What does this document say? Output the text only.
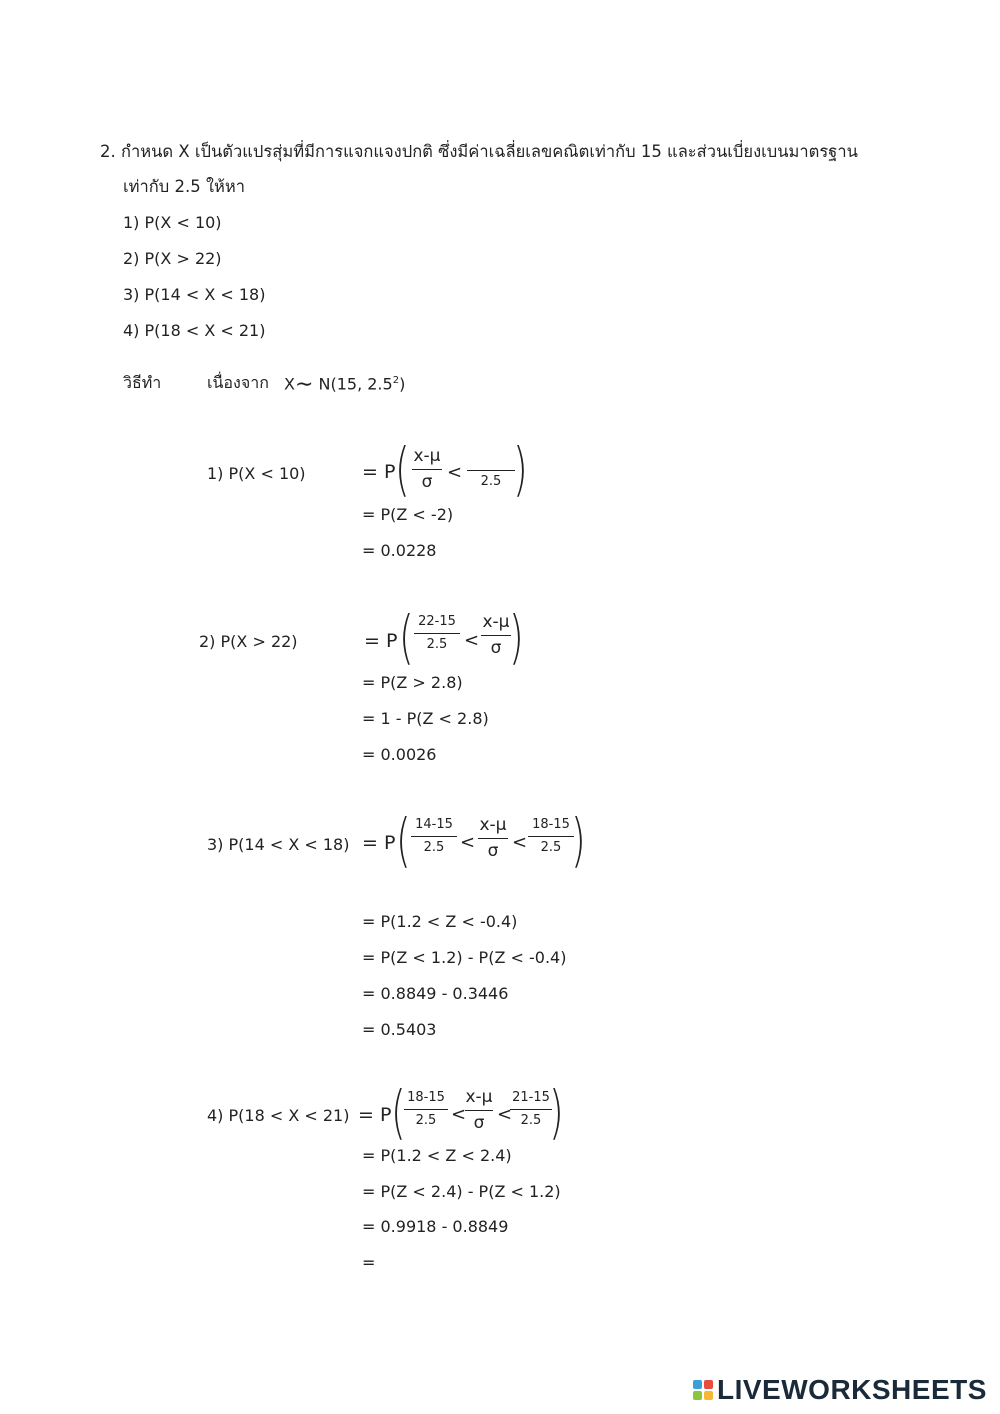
2. กำหนด X เป็นตัวแปรสุ่มที่มีการแจกแจงปกติ ซึ่งมีค่าเฉลี่ยเลขคณิตเท่ากับ 15 และส่วนเบี่ยงเบนมาตรฐาน
เท่ากับ 2.5 ให้หา
1) P(X < 10)
2) P(X > 22)
3) P(14 < X < 18)
4) P(18 < X < 21)
วิธีทำ	เนื่องจาก X∼ N(15, $2.5^2$)
1) P(X < 10)	= P ( x-μ
σ < 2.5 )
= P(Z < -2)
= 0.0228
2) P(X > 22)	= P ( 22-15
2.5 <
x-μ
σ )
= P(Z > 2.8)
= 1 - P(Z < 2.8)
= 0.0026
3) P(14 < X < 18) = P ( 14-15
2.5 <
x-μ
σ <
18-15
2.5 )
= P(1.2 < Z < -0.4)
= P(Z < 1.2) - P(Z < -0.4)
= 0.8849 - 0.3446
= 0.5403
4) P(18 < X < 21) = P ( 18-15
2.5 <
x-μ
σ <
21-15
2.5 )
= P(1.2 < Z < 2.4)
= P(Z < 2.4) - P(Z < 1.2)
= 0.9918 - 0.8849
=
LIVEWORKSHEETS
